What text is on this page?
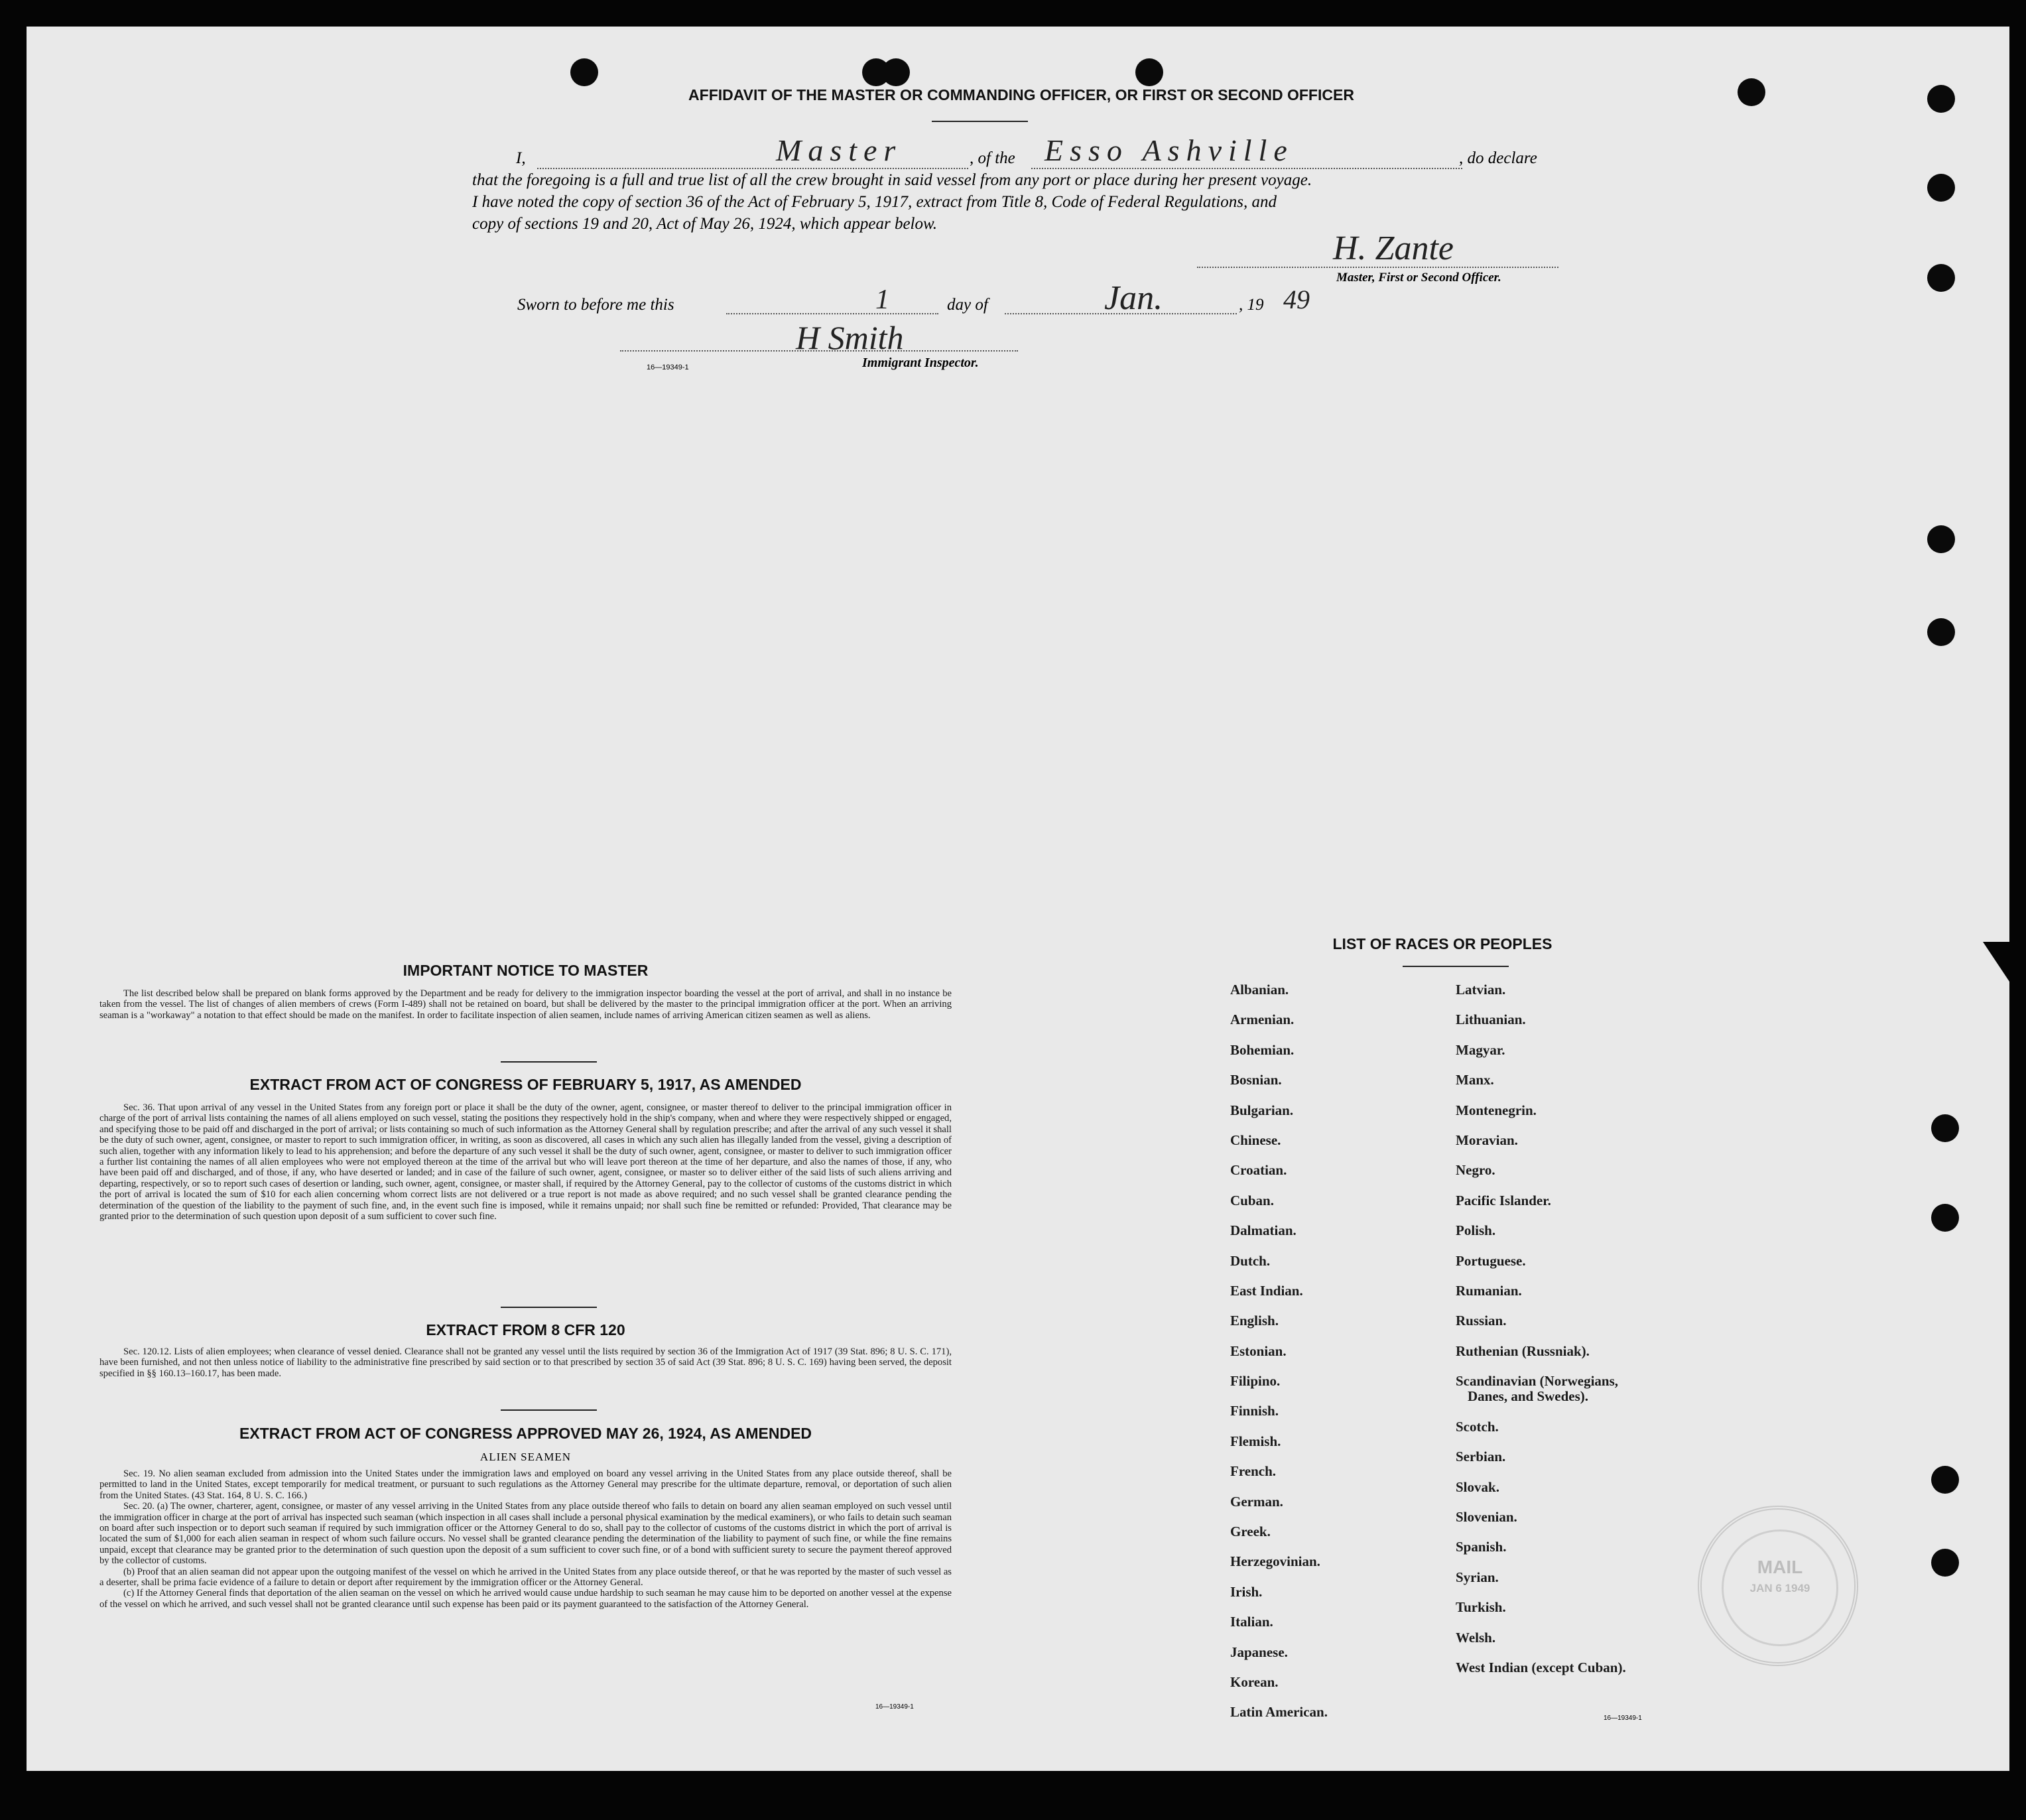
AFFIDAVIT OF THE MASTER OR COMMANDING OFFICER, OR FIRST OR SECOND OFFICER
I,	Master	, of the Esso Ashville	, do declare
that the foregoing is a full and true list of all the crew brought in said vessel from any port or place during her present voyage.
I have noted the copy of section 36 of the Act of February 5, 1917, extract from Title 8, Code of Federal Regulations, and
copy of sections 19 and 20, Act of May 26, 1924, which appear below.
H. Zante
Master, First or Second Officer.
Sworn to before me this	1	day of	Jan.	, 19 49
H Smith
16—19349-1	Immigrant Inspector.
IMPORTANT NOTICE TO MASTER

The list described below shall be prepared on blank forms approved by the Department and be ready for delivery to the immigration inspector boarding the vessel at the port of arrival, and shall in no instance be taken from the vessel. The list of changes of alien members of crews (Form I-489) shall not be retained on board, but shall be delivered by the master to the principal immigration officer at the port. When an arriving seaman is a "workaway" a notation to that effect should be made on the manifest. In order to facilitate inspection of alien seamen, include names of arriving American citizen seamen as well as aliens.

EXTRACT FROM ACT OF CONGRESS OF FEBRUARY 5, 1917, AS AMENDED

Sec. 36. That upon arrival of any vessel in the United States from any foreign port or place it shall be the duty of the owner, agent, consignee, or master thereof to deliver to the principal immigration officer in charge of the port of arrival lists containing the names of all aliens employed on such vessel, stating the positions they respectively hold in the ship's company, when and where they were respectively shipped or engaged, and specifying those to be paid off and discharged in the port of arrival; or lists containing so much of such information as the Attorney General shall by regulation prescribe; and after the arrival of any such vessel it shall be the duty of such owner, agent, consignee, or master to report to such immigration officer, in writing, as soon as discovered, all cases in which any such alien has illegally landed from the vessel, giving a description of such alien, together with any information likely to lead to his apprehension; and before the departure of any such vessel it shall be the duty of such owner, agent, consignee, or master to deliver to such immigration officer a further list containing the names of all alien employees who were not employed thereon at the time of the arrival but who will leave port thereon at the time of her departure, and also the names of those, if any, who have been paid off and discharged, and of those, if any, who have deserted or landed; and in case of the failure of such owner, agent, consignee, or master so to deliver either of the said lists of such aliens arriving and departing, respectively, or so to report such cases of desertion or landing, such owner, agent, consignee, or master shall, if required by the Attorney General, pay to the collector of customs of the customs district in which the port of arrival is located the sum of $10 for each alien concerning whom correct lists are not delivered or a true report is not made as above required; and no such vessel shall be granted clearance pending the determination of the question of the liability to the payment of such fine, and, in the event such fine is imposed, while it remains unpaid; nor shall such fine be remitted or refunded: Provided, That clearance may be granted prior to the determination of such question upon deposit of a sum sufficient to cover such fine.

EXTRACT FROM 8 CFR 120

Sec. 120.12. Lists of alien employees; when clearance of vessel denied. Clearance shall not be granted any vessel until the lists required by section 36 of the Immigration Act of 1917 (39 Stat. 896; 8 U. S. C. 171), have been furnished, and not then unless notice of liability to the administrative fine prescribed by said section or to that prescribed by section 35 of said Act (39 Stat. 896; 8 U. S. C. 169) having been served, the deposit specified in §§ 160.13–160.17, has been made.

EXTRACT FROM ACT OF CONGRESS APPROVED MAY 26, 1924, AS AMENDED
ALIEN SEAMEN

Sec. 19. No alien seaman excluded from admission into the United States under the immigration laws and employed on board any vessel arriving in the United States from any place outside thereof, shall be permitted to land in the United States, except temporarily for medical treatment, or pursuant to such regulations as the Attorney General may prescribe for the ultimate departure, removal, or deportation of such alien from the United States. (43 Stat. 164, 8 U. S. C. 166.)

Sec. 20. (a) The owner, charterer, agent, consignee, or master of any vessel arriving in the United States from any place outside thereof who fails to detain on board any alien seaman employed on such vessel until the immigration officer in charge at the port of arrival has inspected such seaman (which inspection in all cases shall include a personal physical examination by the medical examiners), or who fails to detain such seaman on board after such inspection or to deport such seaman if required by such immigration officer or the Attorney General to do so, shall pay to the collector of customs of the customs district in which the port of arrival is located the sum of $1,000 for each alien seaman in respect of whom such failure occurs. No vessel shall be granted clearance pending the determination of the liability to payment of such fine, or while the fine remains unpaid, except that clearance may be granted prior to the determination of such question upon the deposit of a sum sufficient to cover such fine, or of a bond with sufficient surety to secure the payment thereof approved by the collector of customs.

(b) Proof that an alien seaman did not appear upon the outgoing manifest of the vessel on which he arrived in the United States from any place outside thereof, or that he was reported by the master of such vessel as a deserter, shall be prima facie evidence of a failure to detain or deport after requirement by the immigration officer or the Attorney General.

(c) If the Attorney General finds that deportation of the alien seaman on the vessel on which he arrived would cause undue hardship to such seaman he may cause him to be deported on another vessel at the expense of the vessel on which he arrived, and such vessel shall not be granted clearance until such expense has been paid or its payment guaranteed to the satisfaction of the Attorney General.

16—19349-1
LIST OF RACES OR PEOPLES
Albanian.
Armenian.
Bohemian.
Bosnian.
Bulgarian.
Chinese.
Croatian.
Cuban.
Dalmatian.
Dutch.
East Indian.
English.
Estonian.
Filipino.
Finnish.
Flemish.
French.
German.
Greek.
Herzegovinian.
Irish.
Italian.
Japanese.
Korean.
Latin American.
Latvian.
Lithuanian.
Magyar.
Manx.
Montenegrin.
Moravian.
Negro.
Pacific Islander.
Polish.
Portuguese.
Rumanian.
Russian.
Ruthenian (Russniak).
Scandinavian (Norwegians,
Danes, and Swedes).
Scotch.
Serbian.
Slovak.
Slovenian.
Spanish.
Syrian.
Turkish.
Welsh.
West Indian (except Cuban).
16—19349-1
MAIL
JAN 6 1949
